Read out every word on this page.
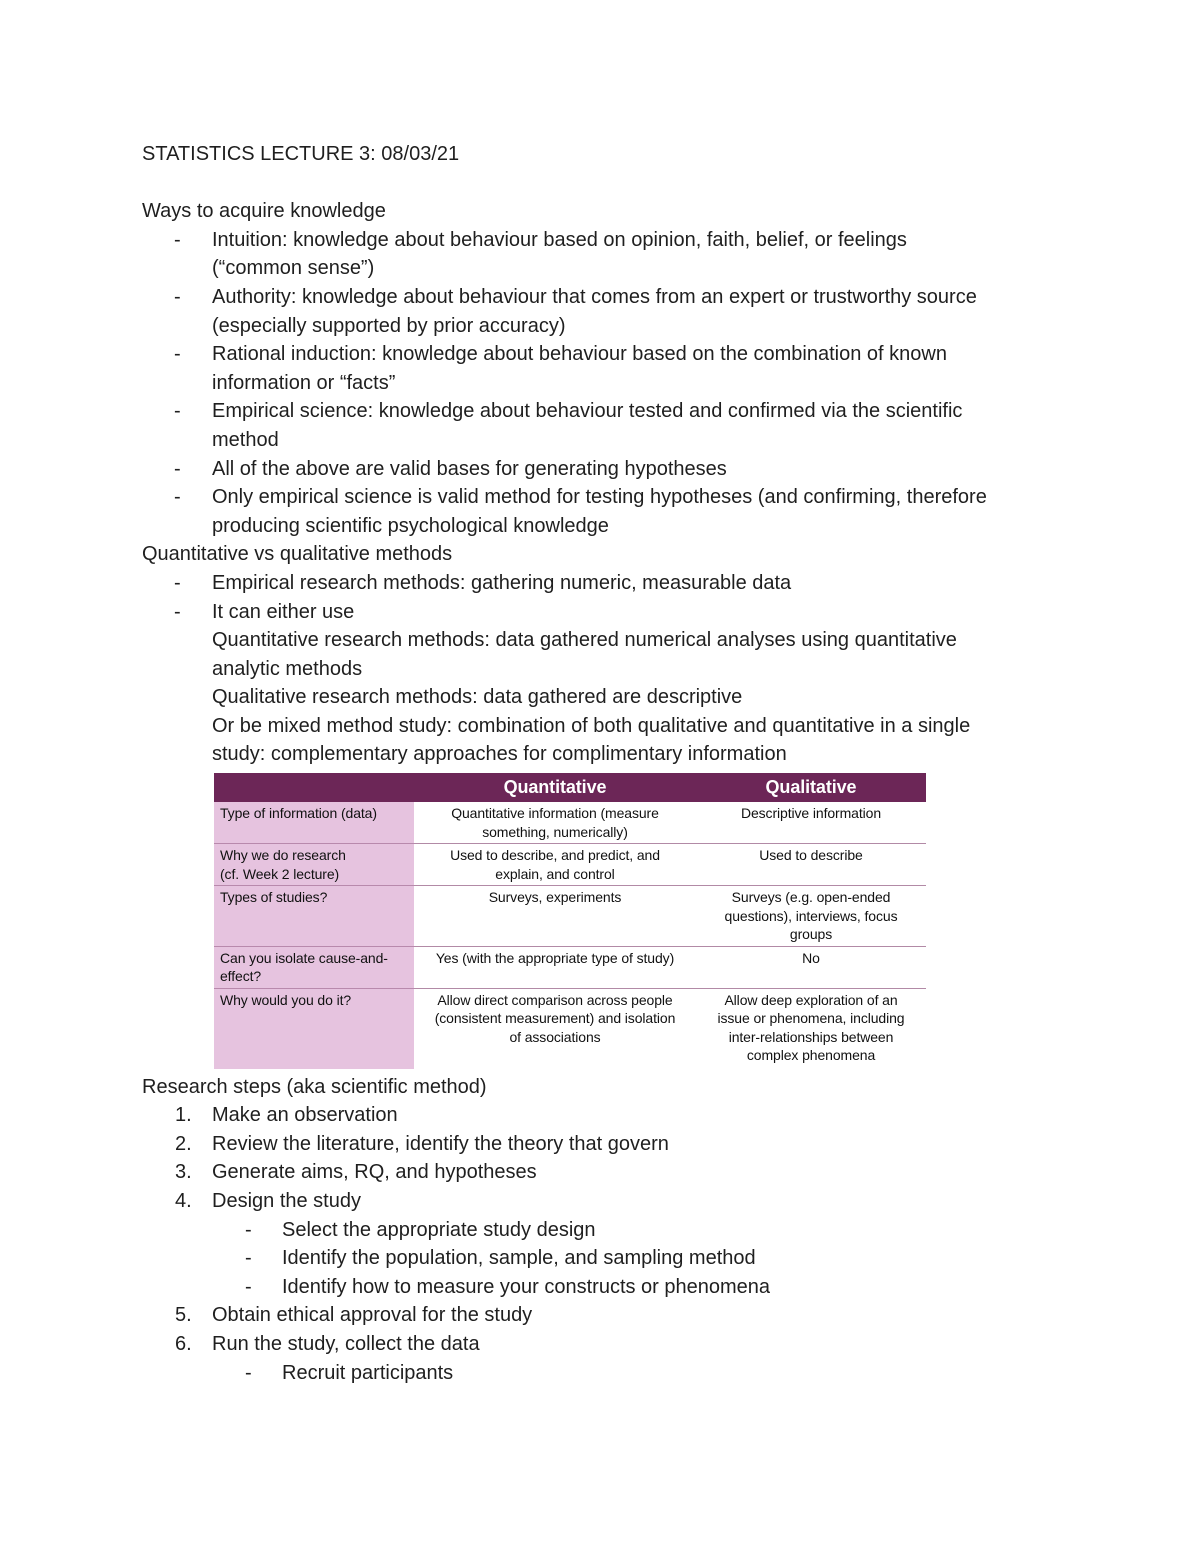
STATISTICS LECTURE 3: 08/03/21

Ways to acquire knowledge

- Intuition: knowledge about behaviour based on opinion, faith, belief, or feelings
(“common sense”)
- Authority: knowledge about behaviour that comes from an expert or trustworthy source
(especially supported by prior accuracy)
- Rational induction: knowledge about behaviour based on the combination of known
information or “facts”
- Empirical science: knowledge about behaviour tested and confirmed via the scientific
method
- All of the above are valid bases for generating hypotheses
- Only empirical science is valid method for testing hypotheses (and confirming, therefore
producing scientific psychological knowledge

Quantitative vs qualitative methods

- Empirical research methods: gathering numeric, measurable data
- It can either use
Quantitative research methods: data gathered numerical analyses using quantitative
analytic methods
Qualitative research methods: data gathered are descriptive
Or be mixed method study: combination of both qualitative and quantitative in a single
study: complementary approaches for complimentary information
	Quantitative	Qualitative
Type of information (data)	Quantitative information (measure
something, numerically)	Descriptive information
Why we do research
(cf. Week 2 lecture)	Used to describe, and predict, and
explain, and control	Used to describe
Types of studies?	Surveys, experiments	Surveys (e.g. open-ended
questions), interviews, focus
groups
Can you isolate cause-and-
effect?	Yes (with the appropriate type of study)	No
Why would you do it?	Allow direct comparison across people
(consistent measurement) and isolation
of associations	Allow deep exploration of an
issue or phenomena, including
inter-relationships between
complex phenomena

Research steps (aka scientific method)

1. Make an observation
2. Review the literature, identify the theory that govern
3. Generate aims, RQ, and hypotheses
4. Design the study
- Select the appropriate study design
- Identify the population, sample, and sampling method
- Identify how to measure your constructs or phenomena
5. Obtain ethical approval for the study
6. Run the study, collect the data
- Recruit participants
